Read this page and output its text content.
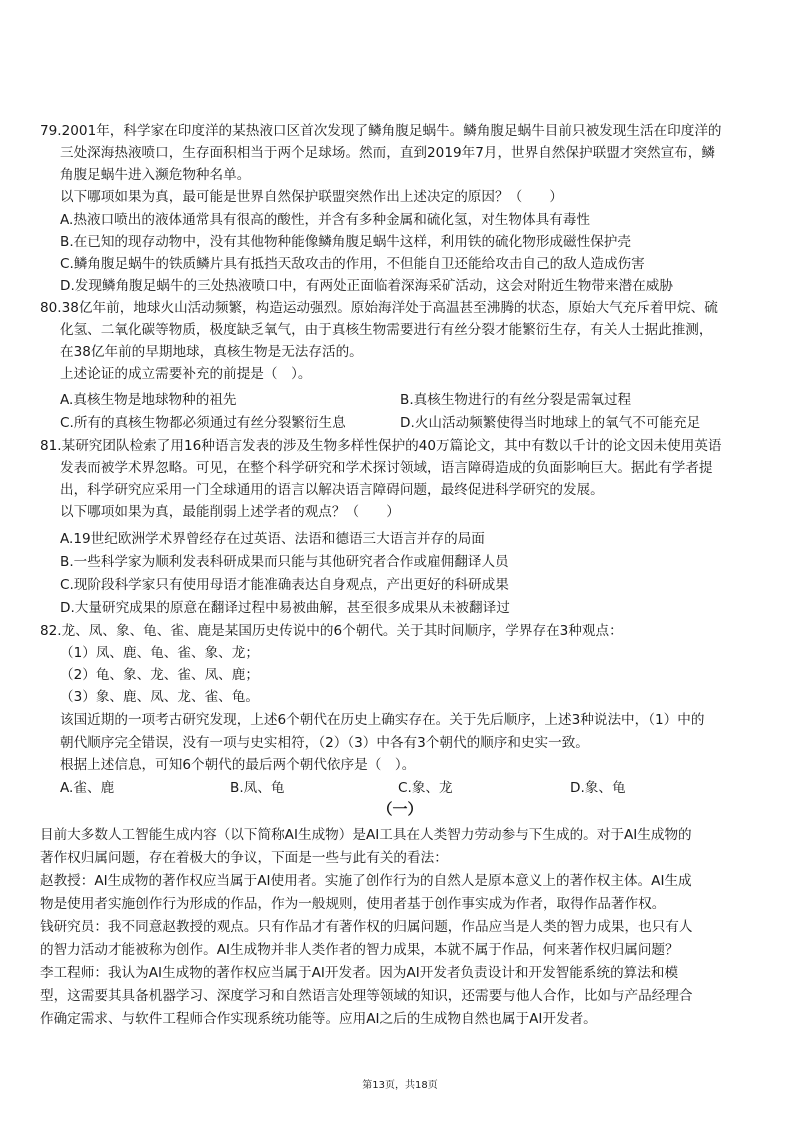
79.2001年，科学家在印度洋的某热液口区首次发现了鳞角腹足蜗牛。鳞角腹足蜗牛目前只被发现生活在印度洋的
三处深海热液喷口，生存面积相当于两个足球场。然而，直到2019年7月，世界自然保护联盟才突然宣布，鳞
角腹足蜗牛进入濒危物种名单。
以下哪项如果为真，最可能是世界自然保护联盟突然作出上述决定的原因？（　　）
A.热液口喷出的液体通常具有很高的酸性，并含有多种金属和硫化氢，对生物体具有毒性
B.在已知的现存动物中，没有其他物种能像鳞角腹足蜗牛这样，利用铁的硫化物形成磁性保护壳
C.鳞角腹足蜗牛的铁质鳞片具有抵挡天敌攻击的作用，不但能自卫还能给攻击自己的敌人造成伤害
D.发现鳞角腹足蜗牛的三处热液喷口中，有两处正面临着深海采矿活动，这会对附近生物带来潜在威胁
80.38亿年前，地球火山活动频繁，构造运动强烈。原始海洋处于高温甚至沸腾的状态，原始大气充斥着甲烷、硫
化氢、二氧化碳等物质，极度缺乏氧气，由于真核生物需要进行有丝分裂才能繁衍生存，有关人士据此推测，
在38亿年前的早期地球，真核生物是无法存活的。
上述论证的成立需要补充的前提是（　）。
A.真核生物是地球物种的祖先	B.真核生物进行的有丝分裂是需氧过程
C.所有的真核生物都必须通过有丝分裂繁衍生息	D.火山活动频繁使得当时地球上的氧气不可能充足
81.某研究团队检索了用16种语言发表的涉及生物多样性保护的40万篇论文，其中有数以千计的论文因未使用英语
发表而被学术界忽略。可见，在整个科学研究和学术探讨领域，语言障碍造成的负面影响巨大。据此有学者提
出，科学研究应采用一门全球通用的语言以解决语言障碍问题，最终促进科学研究的发展。
以下哪项如果为真，最能削弱上述学者的观点？（　　）
A.19世纪欧洲学术界曾经存在过英语、法语和德语三大语言并存的局面
B.一些科学家为顺利发表科研成果而只能与其他研究者合作或雇佣翻译人员
C.现阶段科学家只有使用母语才能准确表达自身观点，产出更好的科研成果
D.大量研究成果的原意在翻译过程中易被曲解，甚至很多成果从未被翻译过
82.龙、凤、象、龟、雀、鹿是某国历史传说中的6个朝代。关于其时间顺序，学界存在3种观点：
（1）凤、鹿、龟、雀、象、龙；
（2）龟、象、龙、雀、凤、鹿；
（3）象、鹿、凤、龙、雀、龟。
该国近期的一项考古研究发现，上述6个朝代在历史上确实存在。关于先后顺序，上述3种说法中，（1）中的
朝代顺序完全错误，没有一项与史实相符，（2）（3）中各有3个朝代的顺序和史实一致。
根据上述信息，可知6个朝代的最后两个朝代依序是（　）。
A.雀、鹿	B.凤、龟	C.象、龙	D.象、龟
（一）
目前大多数人工智能生成内容（以下简称AI生成物）是AI工具在人类智力劳动参与下生成的。对于AI生成物的
著作权归属问题，存在着极大的争议，下面是一些与此有关的看法：
赵教授：AI生成物的著作权应当属于AI使用者。实施了创作行为的自然人是原本意义上的著作权主体。AI生成
物是使用者实施创作行为形成的作品，作为一般规则，使用者基于创作事实成为作者，取得作品著作权。
钱研究员：我不同意赵教授的观点。只有作品才有著作权的归属问题，作品应当是人类的智力成果，也只有人
的智力活动才能被称为创作。AI生成物并非人类作者的智力成果，本就不属于作品，何来著作权归属问题？
李工程师：我认为AI生成物的著作权应当属于AI开发者。因为AI开发者负责设计和开发智能系统的算法和模
型，这需要其具备机器学习、深度学习和自然语言处理等领域的知识，还需要与他人合作，比如与产品经理合
作确定需求、与软件工程师合作实现系统功能等。应用AI之后的生成物自然也属于AI开发者。
第13页，共18页
